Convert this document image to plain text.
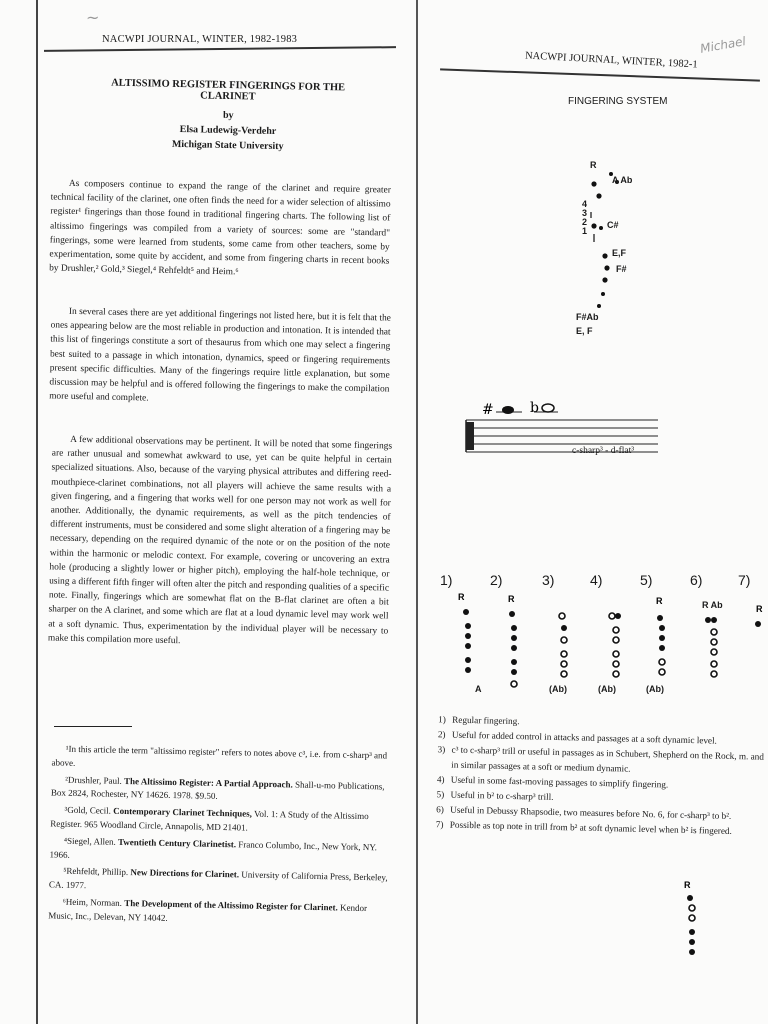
NACWPI JOURNAL, WINTER, 1982-1983
~
ALTISSIMO REGISTER FINGERINGS FOR THE CLARINET
by
Elsa Ludewig-Verdehr
Michigan State University

As composers continue to expand the range of the clarinet and require greater technical facility of the clarinet, one often finds the need for a wider selection of altissimo register¹ fingerings than those found in traditional fingering charts. The following list of altissimo fingerings was compiled from a variety of sources: some are "standard" fingerings, some were learned from students, some came from other teachers, some by experimentation, some quite by accident, and some from fingering charts in recent books by Drushler,² Gold,³ Siegel,⁴ Rehfeldt⁵ and Heim.⁶

In several cases there are yet additional fingerings not listed here, but it is felt that the ones appearing below are the most reliable in production and intonation. It is intended that this list of fingerings constitute a sort of thesaurus from which one may select a fingering best suited to a passage in which intonation, dynamics, speed or fingering requirements present specific difficulties. Many of the fingerings require little explanation, but some discussion may be helpful and is offered following the fingerings to make the compilation more useful and complete.

A few additional observations may be pertinent. It will be noted that some fingerings are rather unusual and somewhat awkward to use, yet can be quite helpful in certain specialized situations. Also, because of the varying physical attributes and differing reed-mouthpiece-clarinet combinations, not all players will achieve the same results with a given fingering, and a fingering that works well for one person may not work as well for another. Additionally, the dynamic requirements, as well as the pitch tendencies of different instruments, must be considered and some slight alteration of a fingering may be necessary, depending on the required dynamic of the note or on the position of the note within the harmonic or melodic context. For example, covering or uncovering an extra hole (producing a slightly lower or higher pitch), employing the half-hole technique, or using a different fifth finger will often alter the pitch and responding qualities of a specific note. Finally, fingerings which are somewhat flat on the B-flat clarinet are often a bit sharper on the A clarinet, and some which are flat at a loud dynamic level may work well at a soft dynamic. Thus, experimentation by the individual player will be necessary to make this compilation more useful.

¹In this article the term "altissimo register" refers to notes above c³, i.e. from c-sharp³ and above.

²Drushler, Paul. The Altissimo Register: A Partial Approach. Shall-u-mo Publications, Box 2824, Rochester, NY 14626. 1978. $9.50.

³Gold, Cecil. Contemporary Clarinet Techniques, Vol. 1: A Study of the Altissimo Register. 965 Woodland Circle, Annapolis, MD 21401.

⁴Siegel, Allen. Twentieth Century Clarinetist. Franco Columbo, Inc., New York, NY. 1966.

⁵Rehfeldt, Phillip. New Directions for Clarinet. University of California Press, Berkeley, CA. 1977.

⁶Heim, Norman. The Development of the Altissimo Register for Clarinet. Kendor Music, Inc., Delevan, NY 14042.

NACWPI JOURNAL, WINTER, 1982-1
Michael
FINGERING SYSTEM
R
A Ab
4
3
2
1
C#
E,F
F#
F#Ab
E, F
#	b
c-sharp³ - d-flat³
1)	2)	3)	4)	5)	6)	7)
R	R	R
R
A	(Ab)	(Ab)	(Ab)
R Ab
1) Regular fingering.
2) Useful for added control in attacks and passages at a soft dynamic level.
3) c³ to c-sharp³ trill or useful in passages as in Schubert, Shepherd on the Rock, m. and in similar passages at a soft or medium dynamic.
4) Useful in some fast-moving passages to simplify fingering.
5) Useful in b² to c-sharp³ trill.
6) Useful in Debussy Rhapsodie, two measures before No. 6, for c-sharp³ to b².
7) Possible as top note in trill from b² at soft dynamic level when b² is fingered.
R
